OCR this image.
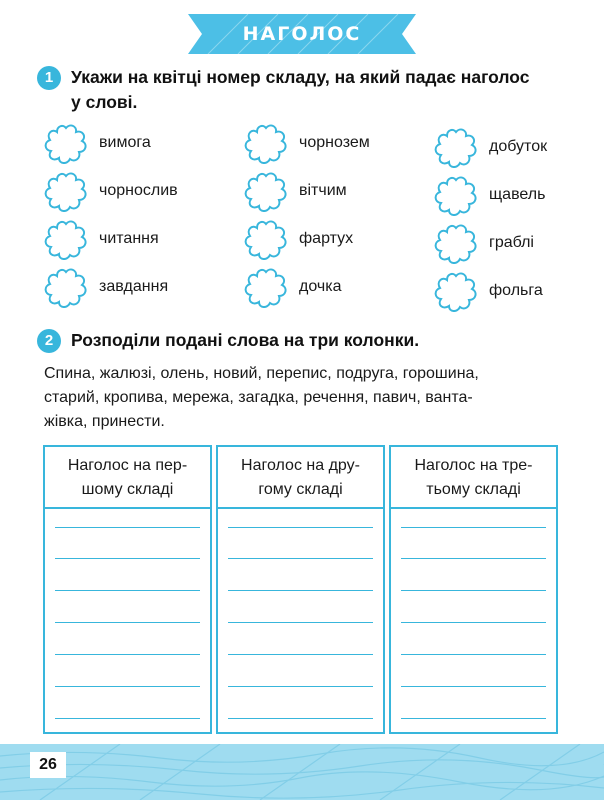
НАГОЛОС
1	Укажи на квітці номер складу, на який падає наголос
у слові.
вимога
чорнослив
читання
завдання
чорнозем
вітчим
фартух
дочка
добуток
щавель
граблі
фольга
2	Розподіли подані слова на три колонки.
Спина, жалюзі, олень, новий, перепис, подруга, горошина,
старий, кропива, мережа, загадка, речення, павич, ванта-
жівка, принести.
Наголос на пер-
шому складі
Наголос на дру-
гому складі
Наголос на тре-
тьому складі
26
